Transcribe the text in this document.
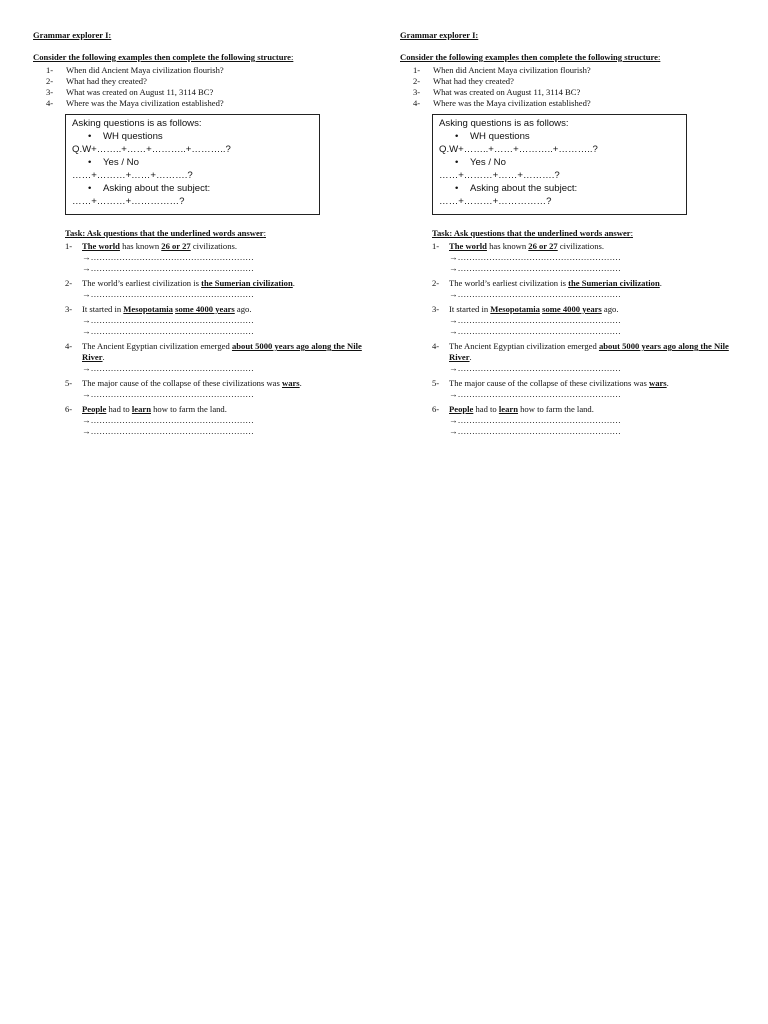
Grammar explorer I:

Consider the following examples then complete the following structure:

1-	When did Ancient Maya civilization flourish?
2-	What had they created?
3-	What was created on August 11, 3114 BC?
4-	Where was the Maya civilization established?
Asking questions is as follows:
• WH questions
Q.W+……..+……+………..+………..?
• Yes / No
……+………+……+……….?
• Asking about the subject:
……+………+……………?

Task: Ask questions that the underlined words answer:

1-	The world has known 26 or 27 civilizations.
→…………………………………………………
→…………………………………………………
2-	The world’s earliest civilization is the Sumerian civilization.
→…………………………………………………
3-	It started in Mesopotamia some 4000 years ago.
→…………………………………………………
→…………………………………………………
4-	The Ancient Egyptian civilization emerged about 5000 years ago along the Nile River.
→…………………………………………………
5-	The major cause of the collapse of these civilizations was wars.
→…………………………………………………
6-	People had to learn how to farm the land.
→…………………………………………………
→…………………………………………………

Grammar explorer I:

Consider the following examples then complete the following structure:

1-	When did Ancient Maya civilization flourish?
2-	What had they created?
3-	What was created on August 11, 3114 BC?
4-	Where was the Maya civilization established?
Asking questions is as follows:
• WH questions
Q.W+……..+……+………..+………..?
• Yes / No
……+………+……+……….?
• Asking about the subject:
……+………+……………?

Task: Ask questions that the underlined words answer:

1-	The world has known 26 or 27 civilizations.
→…………………………………………………
→…………………………………………………
2-	The world’s earliest civilization is the Sumerian civilization.
→…………………………………………………
3-	It started in Mesopotamia some 4000 years ago.
→…………………………………………………
→…………………………………………………
4-	The Ancient Egyptian civilization emerged about 5000 years ago along the Nile River.
→…………………………………………………
5-	The major cause of the collapse of these civilizations was wars.
→…………………………………………………
6-	People had to learn how to farm the land.
→…………………………………………………
→…………………………………………………
